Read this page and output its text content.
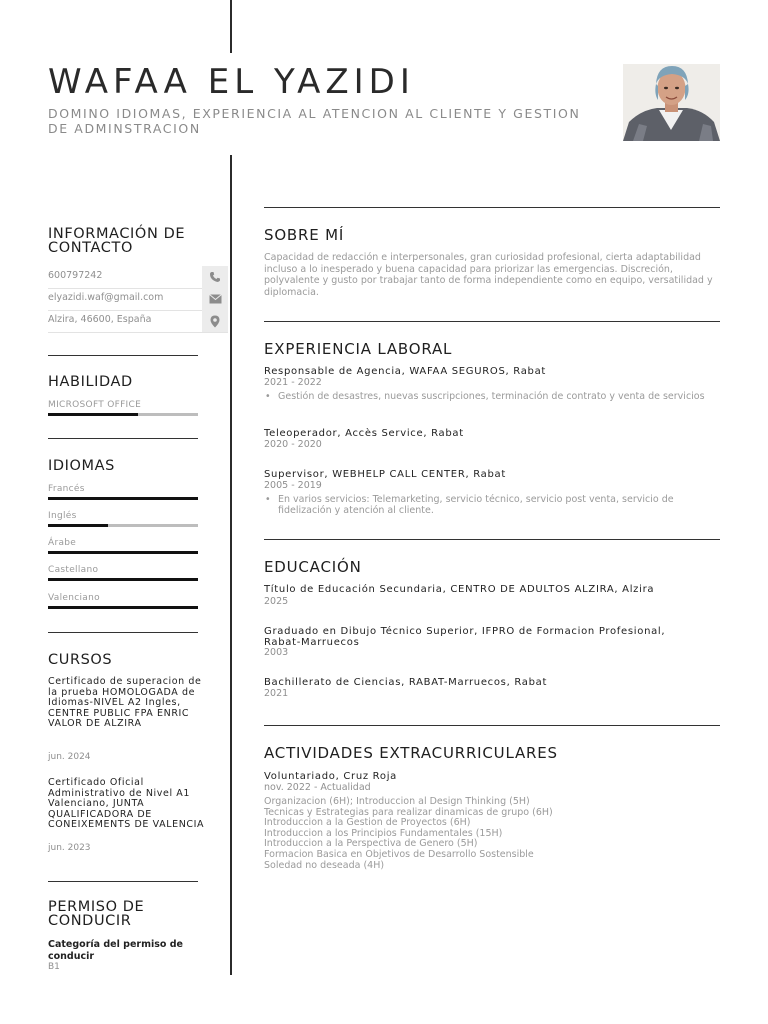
WAFAA EL YAZIDI
DOMINO IDIOMAS, EXPERIENCIA AL ATENCION AL CLIENTE Y GESTION DE ADMINSTRACION
INFORMACIÓN DE CONTACTO
600797242
elyazidi.waf@gmail.com
Alzira, 46600, España
HABILIDAD
MICROSOFT OFFICE
IDIOMAS
Francés
Inglés
Árabe
Castellano
Valenciano
CURSOS
Certificado de superacion de la prueba HOMOLOGADA de Idiomas-NIVEL A2 Ingles, CENTRE PUBLIC FPA ENRIC VALOR DE ALZIRA
jun. 2024
Certificado Oficial Administrativo de Nivel A1 Valenciano, JUNTA QUALIFICADORA DE CONEIXEMENTS DE VALENCIA
jun. 2023
PERMISO DE CONDUCIR
Categoría del permiso de conducir
B1
SOBRE MÍ
Capacidad de redacción e interpersonales, gran curiosidad profesional, cierta adaptabilidad incluso a lo inesperado y buena capacidad para priorizar las emergencias. Discreción, polyvalente y gusto por trabajar tanto de forma independiente como en equipo, versatilidad y diplomacia.
EXPERIENCIA LABORAL
Responsable de Agencia, WAFAA SEGUROS, Rabat
2021 - 2022
• Gestión de desastres, nuevas suscripciones, terminación de contrato y venta de servicios
Teleoperador, Accès Service, Rabat
2020 - 2020
Supervisor, WEBHELP CALL CENTER, Rabat
2005 - 2019
• En varios servicios: Telemarketing, servicio técnico, servicio post venta, servicio de fidelización y atención al cliente.
EDUCACIÓN
Título de Educación Secundaria, CENTRO DE ADULTOS ALZIRA, Alzira
2025
Graduado en Dibujo Técnico Superior, IFPRO de Formacion Profesional, Rabat-Marruecos
2003
Bachillerato de Ciencias, RABAT-Marruecos, Rabat
2021
ACTIVIDADES EXTRACURRICULARES
Voluntariado, Cruz Roja
nov. 2022 - Actualidad
Organizacion (6H); Introduccion al Design Thinking (5H)
Tecnicas y Estrategias para realizar dinamicas de grupo (6H)
Introduccion a la Gestion de Proyectos (6H)
Introduccion a los Principios Fundamentales (15H)
Introduccion a la Perspectiva de Genero (5H)
Formacion Basica en Objetivos de Desarrollo Sostensible
Soledad no deseada (4H)
